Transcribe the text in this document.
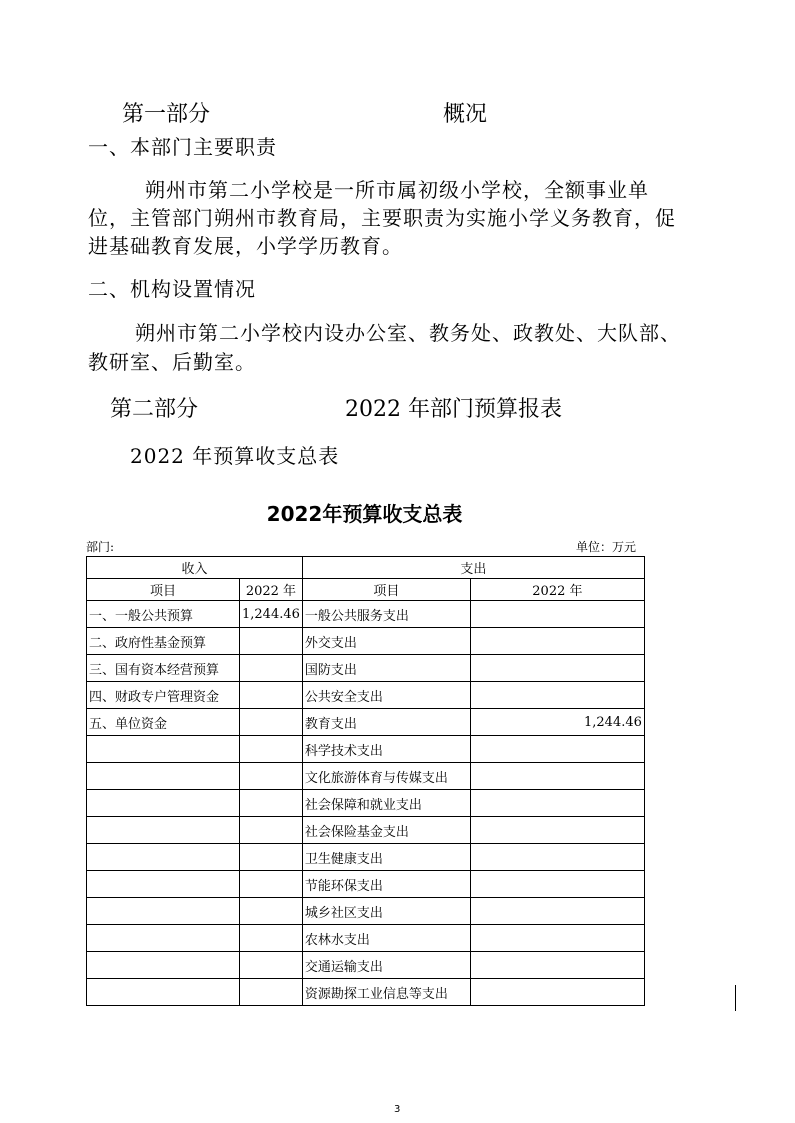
第一部分	概况
一、本部门主要职责
朔州市第二小学校是一所市属初级小学校，全额事业单
位，主管部门朔州市教育局，主要职责为实施小学义务教育，促
进基础教育发展，小学学历教育。
二、机构设置情况
朔州市第二小学校内设办公室、教务处、政教处、大队部、
教研室、后勤室。
第二部分	2022 年部门预算报表
2022 年预算收支总表
2022年预算收支总表
部门:	单位：万元
收入		支出	
项目	2022 年	项目	2022 年
一、一般公共预算	1,244.46	一般公共服务支出	
二、政府性基金预算		外交支出	
三、国有资本经营预算		国防支出	
四、财政专户管理资金		公共安全支出	
五、单位资金		教育支出	1,244.46
		科学技术支出	
		文化旅游体育与传媒支出	
		社会保障和就业支出	
		社会保险基金支出	
		卫生健康支出	
		节能环保支出	
		城乡社区支出	
		农林水支出	
		交通运输支出	
		资源勘探工业信息等支出	
3
